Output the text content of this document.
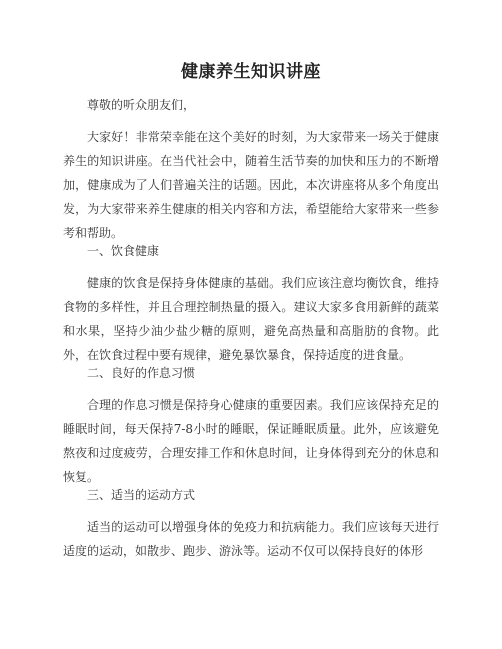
健康养生知识讲座

尊敬的听众朋友们，

大家好！非常荣幸能在这个美好的时刻，为大家带来一场关于健康养生的知识讲座。在当代社会中，随着生活节奏的加快和压力的不断增加，健康成为了人们普遍关注的话题。因此，本次讲座将从多个角度出发，为大家带来养生健康的相关内容和方法，希望能给大家带来一些参考和帮助。

一、饮食健康

健康的饮食是保持身体健康的基础。我们应该注意均衡饮食，维持食物的多样性，并且合理控制热量的摄入。建议大家多食用新鲜的蔬菜和水果，坚持少油少盐少糖的原则，避免高热量和高脂肪的食物。此外，在饮食过程中要有规律，避免暴饮暴食，保持适度的进食量。

二、良好的作息习惯

合理的作息习惯是保持身心健康的重要因素。我们应该保持充足的睡眠时间，每天保持7-8小时的睡眠，保证睡眠质量。此外，应该避免熬夜和过度疲劳，合理安排工作和休息时间，让身体得到充分的休息和恢复。

三、适当的运动方式

适当的运动可以增强身体的免疫力和抗病能力。我们应该每天进行适度的运动，如散步、跑步、游泳等。运动不仅可以保持良好的体形
